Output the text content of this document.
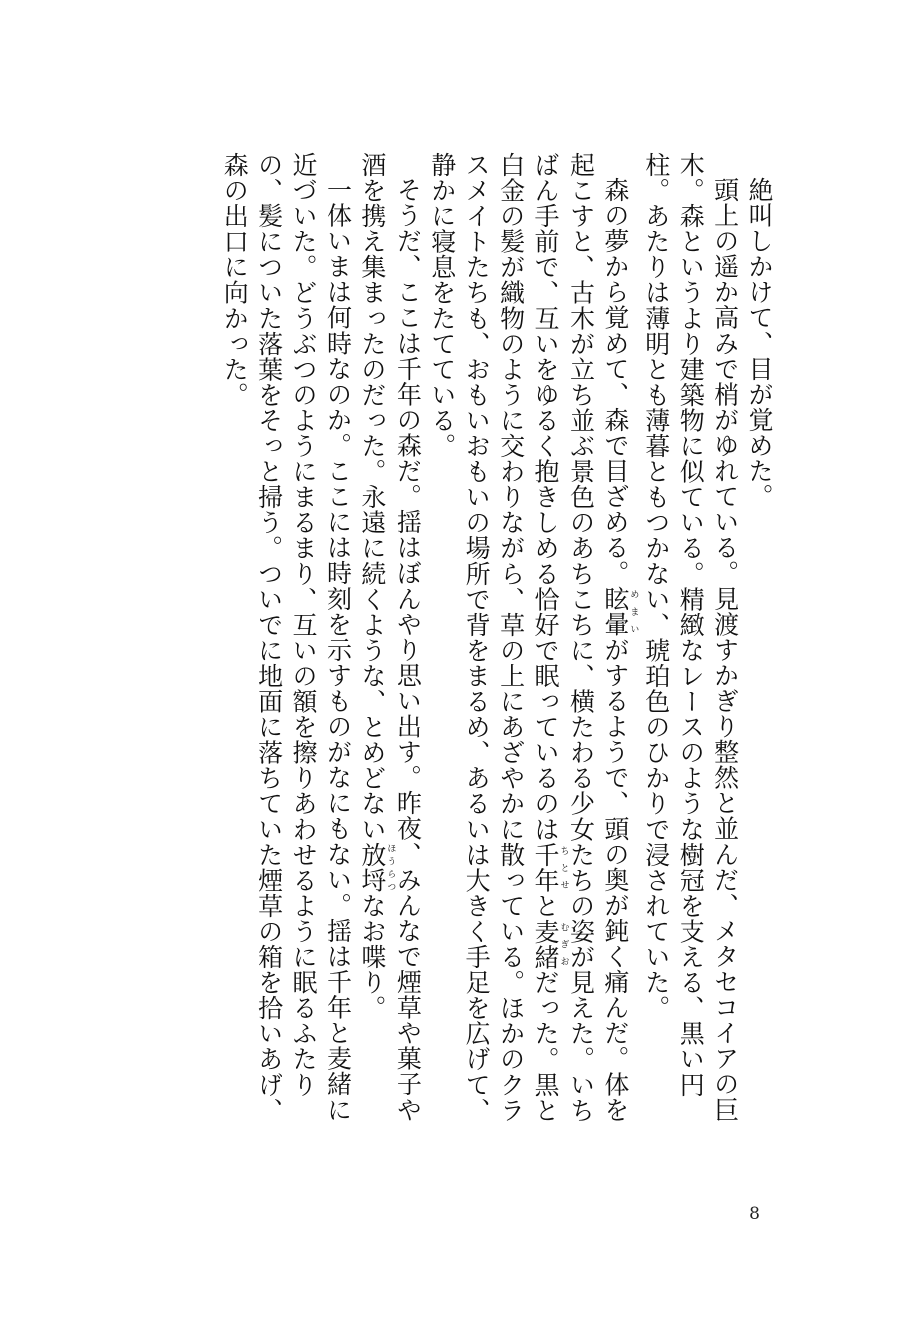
絶叫しかけて、目が覚めた。

頭上の遥か高みで梢がゆれている。見渡すかぎり整然と並んだ、メタセコイアの巨木。森というより建築物に似ている。精緻なレースのような樹冠を支える、黒い円柱。あたりは薄明とも薄暮ともつかない、琥珀色のひかりで浸されていた。

森の夢から覚めて、森で目ざめる。眩暈めまいがするようで、頭の奥が鈍く痛んだ。体を起こすと、古木が立ち並ぶ景色のあちこちに、横たわる少女たちの姿が見えた。いちばん手前で、互いをゆるく抱きしめる恰好で眠っているのは千年ちとせと麦緒むぎおだった。黒と白金の髪が織物のように交わりながら、草の上にあざやかに散っている。ほかのクラスメイトたちも、おもいおもいの場所で背をまるめ、あるいは大きく手足を広げて、静かに寝息をたてている。

そうだ、ここは千年の森だ。揺はぼんやり思い出す。昨夜、みんなで煙草や菓子や酒を携え集まったのだった。永遠に続くような、とめどない放埒ほうらつなお喋り。

一体いまは何時なのか。ここには時刻を示すものがなにもない。揺は千年と麦緒に近づいた。どうぶつのようにまるまり、互いの額を擦りあわせるように眠るふたりの、髪についた落葉をそっと掃う。ついでに地面に落ちていた煙草の箱を拾いあげ、森の出口に向かった。

8
